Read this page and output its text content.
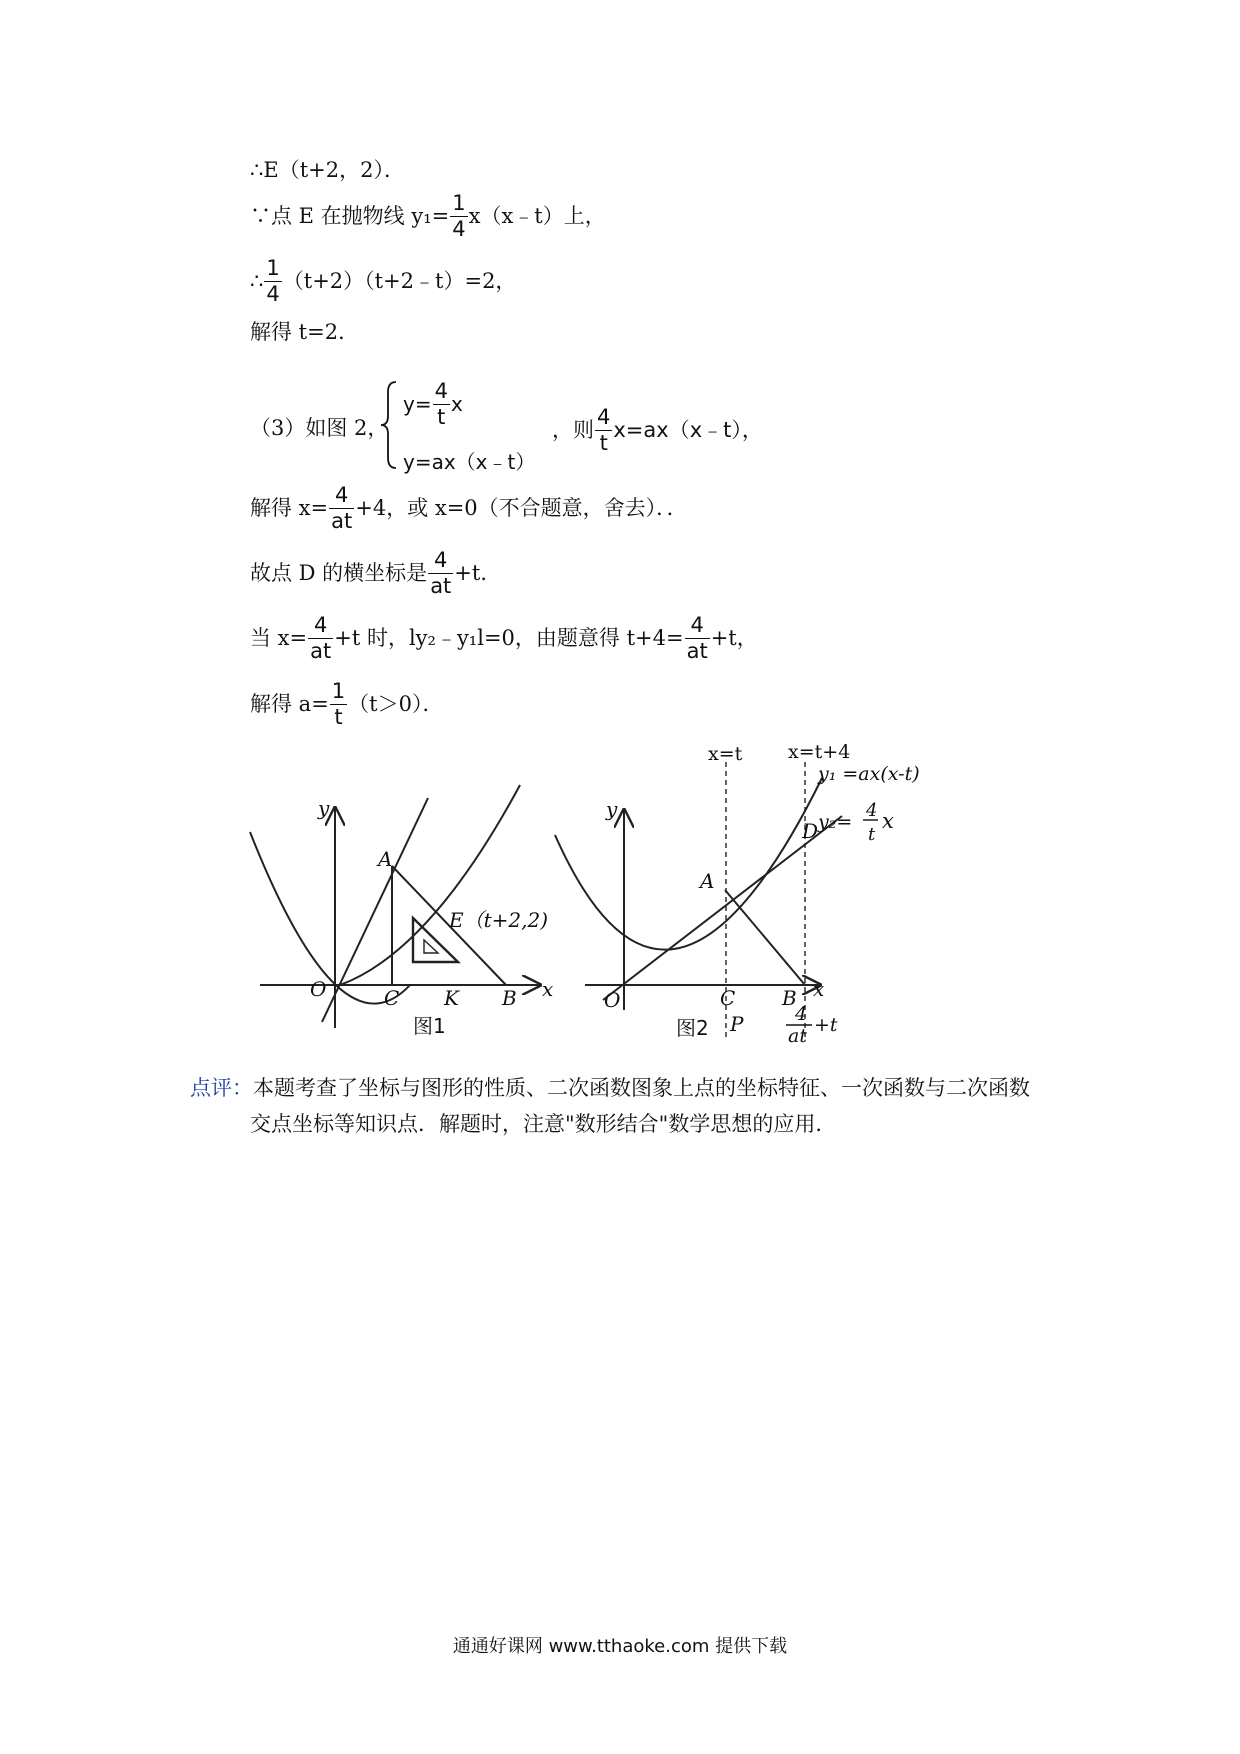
∴E（t+2，2）．
∵点 E 在抛物线 $y_1= \frac{1}{4}$ x（x﹣t）上，
∴ $\frac{1}{4}$ （t+2）（t+2﹣t）=2，
解得 t=2．
（3）如图 2，
$y= \frac{4}{t}$ x
y=ax（x﹣t）
，则 $\frac{4}{t}$ x=ax（x﹣t），
解得 $x= \frac{4}{at} +4$，或 x=0（不合题意，舍去）．．
故点 D 的横坐标是 $\frac{4}{at} +t$．
当 $x= \frac{4}{at} +t$ 时，ly₂﹣y₁l=0，由题意得 $t+4= \frac{4}{at} +t$，
解得 $a= \frac{1}{t} (t>0)$．
y
x
O	C K B
A
E（t+2,2)
图1
y
x
O	C B
A
D
P
y₁ =ax(x-t)
y₂=
4
t
x
4
at +t
x=t x=t+4
图2
点评：本题考查了坐标与图形的性质、二次函数图象上点的坐标特征、一次函数与二次函数
交点坐标等知识点．解题时，注意"数形结合"数学思想的应用．
通通好课网 www.tthaoke.com 提供下载
